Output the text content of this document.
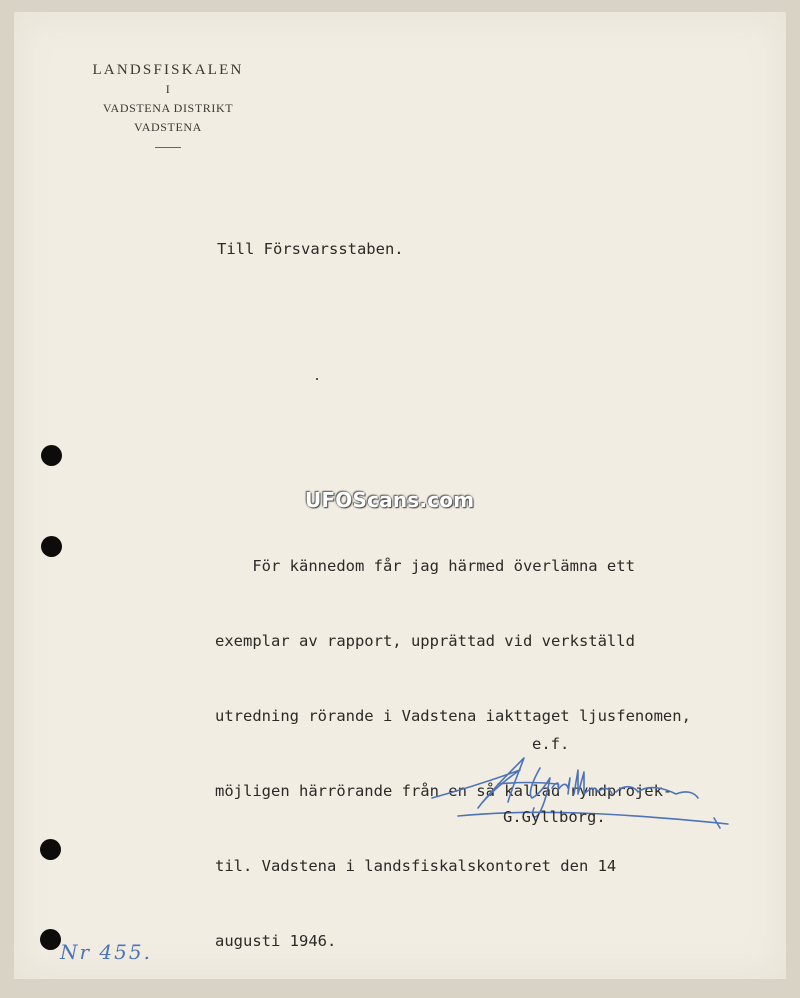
LANDSFISKALEN
I
VADSTENA DISTRIKT
VADSTENA
Till Försvarsstaben.

För kännedom får jag härmed överlämna ett

exemplar av rapport, upprättad vid verkställd

utredning rörande i Vadstena iakttaget ljusfenomen,

möjligen härrörande från en så kallad rymdprojek-

til. Vadstena i landsfiskalskontoret den 14

augusti 1946.

e.f.
G.Gyllborg.
UFOScans.com
Nr 455.
